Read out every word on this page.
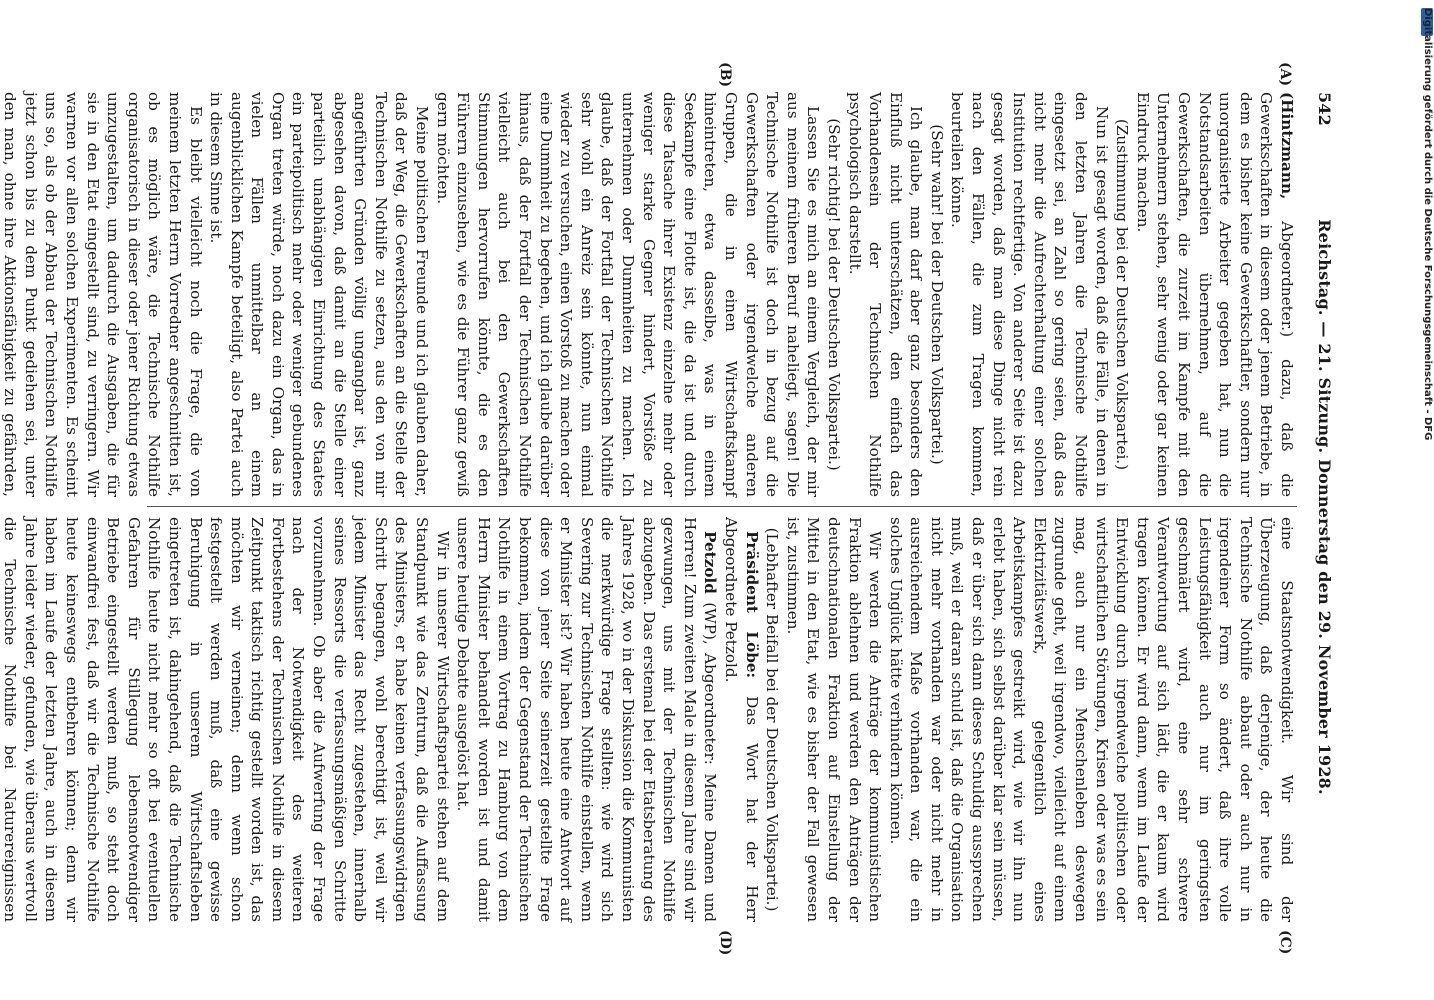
542
Reichstag. — 21. Sitzung. Donnerstag den 29. November 1928.
(A)
(B)
(C)
(D)

(Hintzmann, Abgeordneter.) dazu, daß die Gewerkschaften in diesem oder jenem Betriebe, in dem es bisher keine Gewerkschaftler, sondern nur unorganisierte Arbeiter gegeben hat, nun die Notstandsarbeiten übernehmen, auf die Gewerkschaften, die zurzeit im Kampfe mit den Unternehmern stehen, sehr wenig oder gar keinen Eindruck machen.

(Zustimmung bei der Deutschen Volkspartei.)

Nun ist gesagt worden, daß die Fälle, in denen in den letzten Jahren die Technische Nothilfe eingesetzt sei, an Zahl so gering seien, daß das nicht mehr die Aufrechterhaltung einer solchen Institution rechtfertige. Von anderer Seite ist dazu gesagt worden, daß man diese Dinge nicht rein nach den Fällen, die zum Tragen kommen, beurteilen könne.

(Sehr wahr! bei der Deutschen Volkspartei.)

Ich glaube, man darf aber ganz besonders den Einfluß nicht unterschätzen, den einfach das Vorhandensein der Technischen Nothilfe psychologisch darstellt.

(Sehr richtig! bei der Deutschen Volkspartei.)

Lassen Sie es mich an einem Vergleich, der mir aus meinem früheren Beruf naheliegt, sagen! Die Technische Nothilfe ist doch in bezug auf die Gewerkschaften oder irgendwelche anderen Gruppen, die in einen Wirtschaftskampf hineintreten, etwa dasselbe, was in einem Seekampfe eine Flotte ist, die da ist und durch diese Tatsache ihrer Existenz einzelne mehr oder weniger starke Gegner hindert, Vorstöße zu unternehmen oder Dummheiten zu machen. Ich glaube, daß der Fortfall der Technischen Nothilfe sehr wohl ein Anreiz sein könnte, nun einmal wieder zu versuchen, einen Vorstoß zu machen oder eine Dummheit zu begehen, und ich glaube darüber hinaus, daß der Fortfall der Technischen Nothilfe vielleicht auch bei den Gewerkschaften Stimmungen hervorrufen könnte, die es den Führern einzusehen, wie es die Führer ganz gewiß gern möchten.

Meine politischen Freunde und ich glauben daher, daß der Weg, die Gewerkschaften an die Stelle der Technischen Nothilfe zu setzen, aus den von mir angeführten Gründen völlig ungangbar ist, ganz abgesehen davon, daß damit an die Stelle einer parteilich unabhängigen Einrichtung des Staates ein parteipolitisch mehr oder weniger gebundenes Organ treten würde, noch dazu ein Organ, das in vielen Fällen unmittelbar an einem augenblicklichen Kampfe beteiligt, also Partei auch in diesem Sinne ist.

Es bleibt vielleicht noch die Frage, die von meinem letzten Herrn Vorredner angeschnitten ist, ob es möglich wäre, die Technische Nothilfe organisatorisch in dieser oder jener Richtung etwas umzugestalten, um dadurch die Ausgaben, die für sie in den Etat eingestellt sind, zu verringern. Wir warnen vor allen solchen Experimenten. Es scheint uns so, als ob der Abbau der Technischen Nothilfe jetzt schon bis zu dem Punkt gediehen sei, unter den man, ohne ihre Aktionsfähigkeit zu gefährden,

eine Staatsnotwendigkeit. Wir sind der Überzeugung, daß derjenige, der heute die Technische Nothilfe abbaut oder auch nur in irgendeiner Form so ändert, daß ihre volle Leistungsfähigkeit auch nur im geringsten geschmälert wird, eine sehr schwere Verantwortung auf sich lädt, die er kaum wird tragen können. Er wird dann, wenn im Laufe der Entwicklung durch irgendwelche politischen oder wirtschaftlichen Störungen, Krisen oder was es sein mag, auch nur ein Menschenleben deswegen zugrunde geht, weil irgendwo, vielleicht auf einem Elektrizitätswerk, gelegentlich eines Arbeitskampfes gestreikt wird, wie wir ihn nun erlebt haben, sich selbst darüber klar sein müssen, daß er über sich dann dieses Schuldig aussprechen muß, weil er daran schuld ist, daß die Organisation nicht mehr vorhanden war oder nicht mehr in ausreichendem Maße vorhanden war, die ein solches Unglück hätte verhindern können.

Wir werden die Anträge der kommunistischen Fraktion ablehnen und werden den Anträgen der deutschnationalen Fraktion auf Einstellung der Mittel in den Etat, wie es bisher der Fall gewesen ist, zustimmen.

(Lebhafter Beifall bei der Deutschen Volkspartei.)

Präsident Löbe: Das Wort hat der Herr Abgeordnete Petzold.

Petzold (WP), Abgeordneter: Meine Damen und Herren! Zum zweiten Male in diesem Jahre sind wir gezwungen, uns mit der Technischen Nothilfe abzugeben. Das erstemal bei der Etatsberatung des Jahres 1928, wo in der Diskussion die Kommunisten die merkwürdige Frage stellten: wie wird sich Severing zur Technischen Nothilfe einstellen, wenn er Minister ist? Wir haben heute eine Antwort auf diese von jener Seite seinerzeit gestellte Frage bekommen, indem der Gegenstand der Technischen Nothilfe in einem Vortrag zu Hamburg von dem Herrn Minister behandelt worden ist und damit unsere heutige Debatte ausgelöst hat.

Wir in unserer Wirtschaftspartei stehen auf dem Standpunkt wie das Zentrum, daß die Auffassung des Ministers, er habe keinen verfassungswidrigen Schritt begangen, wohl berechtigt ist, weil wir jedem Minister das Recht zugestehen, innerhalb seines Ressorts die verfassungsmäßigen Schritte vorzunehmen. Ob aber die Aufwerfung der Frage nach der Notwendigkeit des weiteren Fortbestehens der Technischen Nothilfe in diesem Zeitpunkt taktisch richtig gestellt worden ist, das möchten wir verneinen; denn wenn schon festgestellt werden muß, daß eine gewisse Beruhigung in unserem Wirtschaftsleben eingetreten ist, dahingehend, daß die Technische Nothilfe heute nicht mehr so oft bei eventuellen Gefahren für Stillegung lebensnotwendiger Betriebe eingestellt werden muß, so steht doch einwandfrei fest, daß wir die Technische Nothilfe heute keineswegs entbehren können; denn wir haben im Laufe der letzten Jahre, auch in diesem Jahre leider wieder, gefunden, wie überaus wertvoll die Technische Nothilfe bei Naturereignissen

Digitalisierung gefördert durch die Deutsche Forschungsgemeinschaft - DFG
